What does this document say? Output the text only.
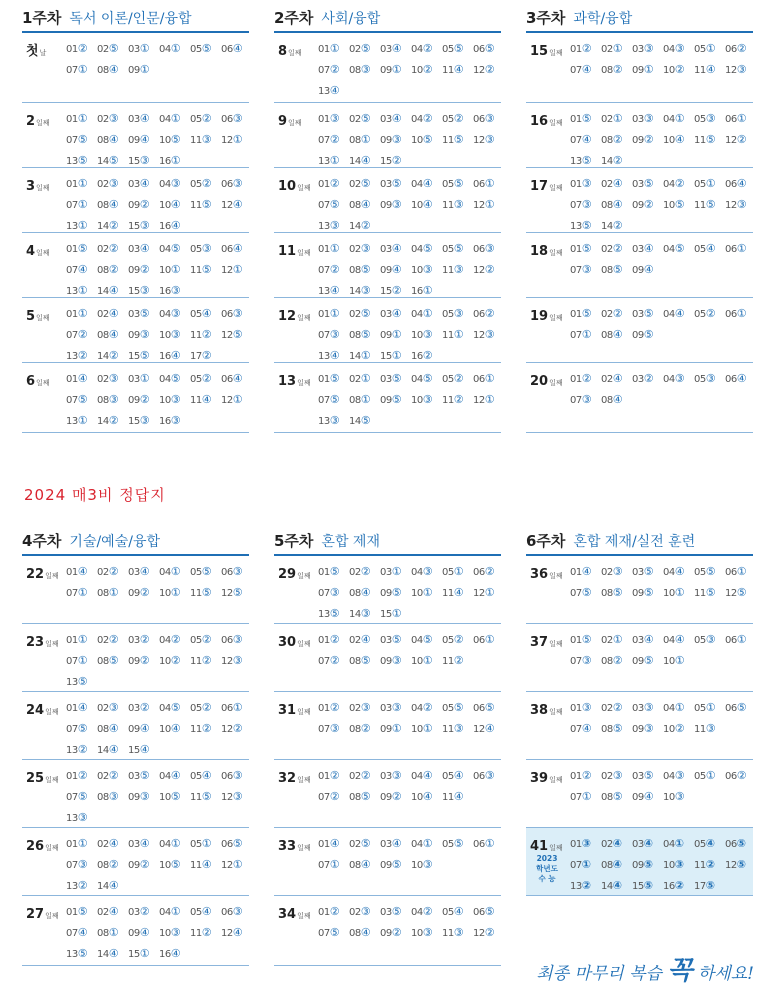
1주차 독서 이론/인문/융합
첫날	01② 02⑤ 03① 04① 05⑤ 06④
07① 08④ 09①
2일째	01① 02③ 03④ 04① 05② 06③
07⑤ 08④ 09④ 10⑤ 11③ 12①
13⑤ 14⑤ 15③ 16①
3일째	01① 02③ 03④ 04③ 05② 06③
07① 08④ 09② 10④ 11⑤ 12④
13① 14② 15③ 16④
4일째	01⑤ 02② 03④ 04⑤ 05③ 06④
07④ 08② 09② 10① 11⑤ 12①
13① 14④ 15③ 16③
5일째	01① 02④ 03⑤ 04③ 05④ 06③
07② 08④ 09③ 10③ 11② 12⑤
13② 14② 15⑤ 16④ 17②
6일째	01④ 02③ 03① 04⑤ 05② 06④
07⑤ 08③ 09② 10③ 11④ 12①
13① 14② 15③ 16③
2주차 사회/융합
8일째	01① 02⑤ 03④ 04② 05⑤ 06⑤
07② 08③ 09① 10② 11④ 12②
13④
9일째	01③ 02⑤ 03④ 04② 05② 06③
07② 08① 09③ 10⑤ 11⑤ 12③
13① 14④ 15②
10일째 01② 02⑤ 03⑤ 04④ 05⑤ 06①
07⑤ 08④ 09③ 10④ 11③ 12①
13③ 14②
11일째 01① 02③ 03④ 04⑤ 05⑤ 06③
07② 08⑤ 09④ 10③ 11③ 12②
13④ 14③ 15② 16①
12일째 01① 02⑤ 03④ 04① 05③ 06②
07③ 08⑤ 09① 10③ 11① 12③
13④ 14① 15① 16②
13일째 01⑤ 02① 03⑤ 04⑤ 05② 06①
07⑤ 08① 09⑤ 10③ 11② 12①
13③ 14⑤
3주차 과학/융합
15일째 01② 02① 03③ 04③ 05① 06②
07④ 08② 09① 10② 11④ 12③
16일째 01⑤ 02① 03③ 04① 05③ 06①
07④ 08② 09② 10④ 11⑤ 12②
13⑤ 14②
17일째 01③ 02④ 03⑤ 04② 05① 06④
07③ 08④ 09② 10⑤ 11⑤ 12③
13⑤ 14②
18일째 01⑤ 02② 03④ 04⑤ 05④ 06①
07③ 08⑤ 09④
19일째 01⑤ 02② 03⑤ 04④ 05② 06①
07① 08④ 09⑤
20일째 01② 02④ 03② 04③ 05③ 06④
07③ 08④
2024 매3비 정답지
4주차 기술/예술/융합
22일째 01④ 02② 03④ 04① 05⑤ 06③
07① 08① 09② 10① 11⑤ 12⑤
23일째 01① 02② 03② 04② 05② 06③
07① 08⑤ 09② 10② 11② 12③
13⑤
24일째 01④ 02③ 03② 04⑤ 05② 06①
07⑤ 08④ 09④ 10④ 11② 12②
13② 14④ 15④
25일째 01② 02② 03⑤ 04④ 05④ 06③
07⑤ 08③ 09③ 10⑤ 11⑤ 12③
13③
26일째 01① 02④ 03④ 04① 05① 06⑤
07③ 08② 09② 10⑤ 11④ 12①
13② 14④
27일째 01⑤ 02④ 03② 04① 05④ 06③
07④ 08① 09④ 10③ 11② 12④
13⑤ 14④ 15① 16④
5주차 혼합 제재
29일째 01⑤ 02② 03① 04③ 05① 06②
07③ 08④ 09⑤ 10① 11④ 12①
13⑤ 14③ 15①
30일째 01② 02④ 03⑤ 04⑤ 05② 06①
07② 08⑤ 09③ 10① 11②
31일째 01② 02③ 03③ 04② 05⑤ 06⑤
07③ 08② 09① 10① 11③ 12④
32일째 01② 02② 03③ 04④ 05④ 06③
07② 08⑤ 09② 10④ 11④
33일째 01④ 02⑤ 03④ 04① 05⑤ 06①
07① 08④ 09⑤ 10③
34일째 01② 02③ 03⑤ 04② 05④ 06⑤
07⑤ 08④ 09② 10③ 11③ 12②
6주차 혼합 제재/실전 훈련
36일째 01④ 02③ 03⑤ 04④ 05⑤ 06①
07⑤ 08⑤ 09⑤ 10① 11⑤ 12⑤
37일째 01⑤ 02① 03④ 04④ 05③ 06①
07③ 08② 09⑤ 10①
38일째 01③ 02② 03③ 04① 05① 06⑤
07④ 08⑤ 09③ 10② 11③
39일째 01② 02③ 03⑤ 04③ 05① 06②
07① 08⑤ 09④ 10③
41일째
2023 학년도 수 능
01③ 02④ 03④ 04① 05④ 06⑤
07① 08④ 09⑤ 10③ 11② 12⑤
13② 14④ 15⑤ 16② 17⑤
최종 마무리 복습 꼭 하세요!
